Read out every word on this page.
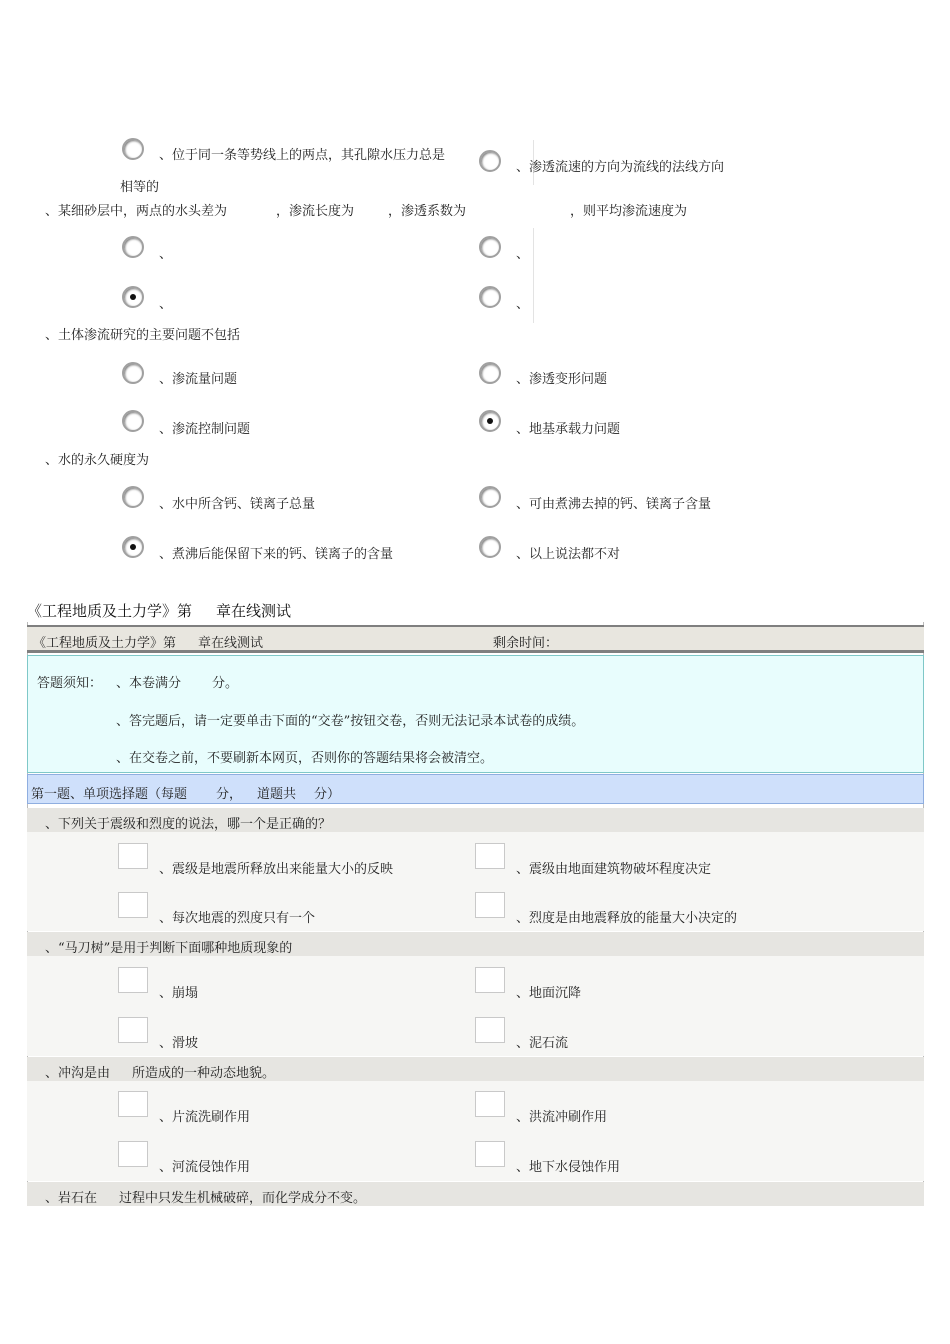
、位于同一条等势线上的两点，其孔隙水压力总是
相等的
、渗透流速的方向为流线的法线方向
、某细砂层中，两点的水头差为	，渗流长度为	，渗透系数为	，则平均渗流速度为
、	、
、	、
、土体渗流研究的主要问题不包括
、渗流量问题	、渗透变形问题
、渗流控制问题	、地基承载力问题
、水的永久硬度为
、水中所含钙、镁离子总量	、可由煮沸去掉的钙、镁离子含量
、煮沸后能保留下来的钙、镁离子的含量	、以上说法都不对
《工程地质及土力学》第 章在线测试
《工程地质及土力学》第 章在线测试	剩余时间：
答题须知： 、本卷满分 分。
、答完题后，请一定要单击下面的“交卷”按钮交卷，否则无法记录本试卷的成绩。
、在交卷之前，不要刷新本网页，否则你的答题结果将会被清空。
第一题、单项选择题（每题 分， 道题共 分）
、下列关于震级和烈度的说法，哪一个是正确的？
、震级是地震所释放出来能量大小的反映	、震级由地面建筑物破坏程度决定
、每次地震的烈度只有一个	、烈度是由地震释放的能量大小决定的
、“马刀树”是用于判断下面哪种地质现象的
、崩塌	、地面沉降
、滑坡	、泥石流
、冲沟是由 所造成的一种动态地貌。
、片流洗刷作用	、洪流冲刷作用
、河流侵蚀作用	、地下水侵蚀作用
、岩石在 过程中只发生机械破碎，而化学成分不变。
